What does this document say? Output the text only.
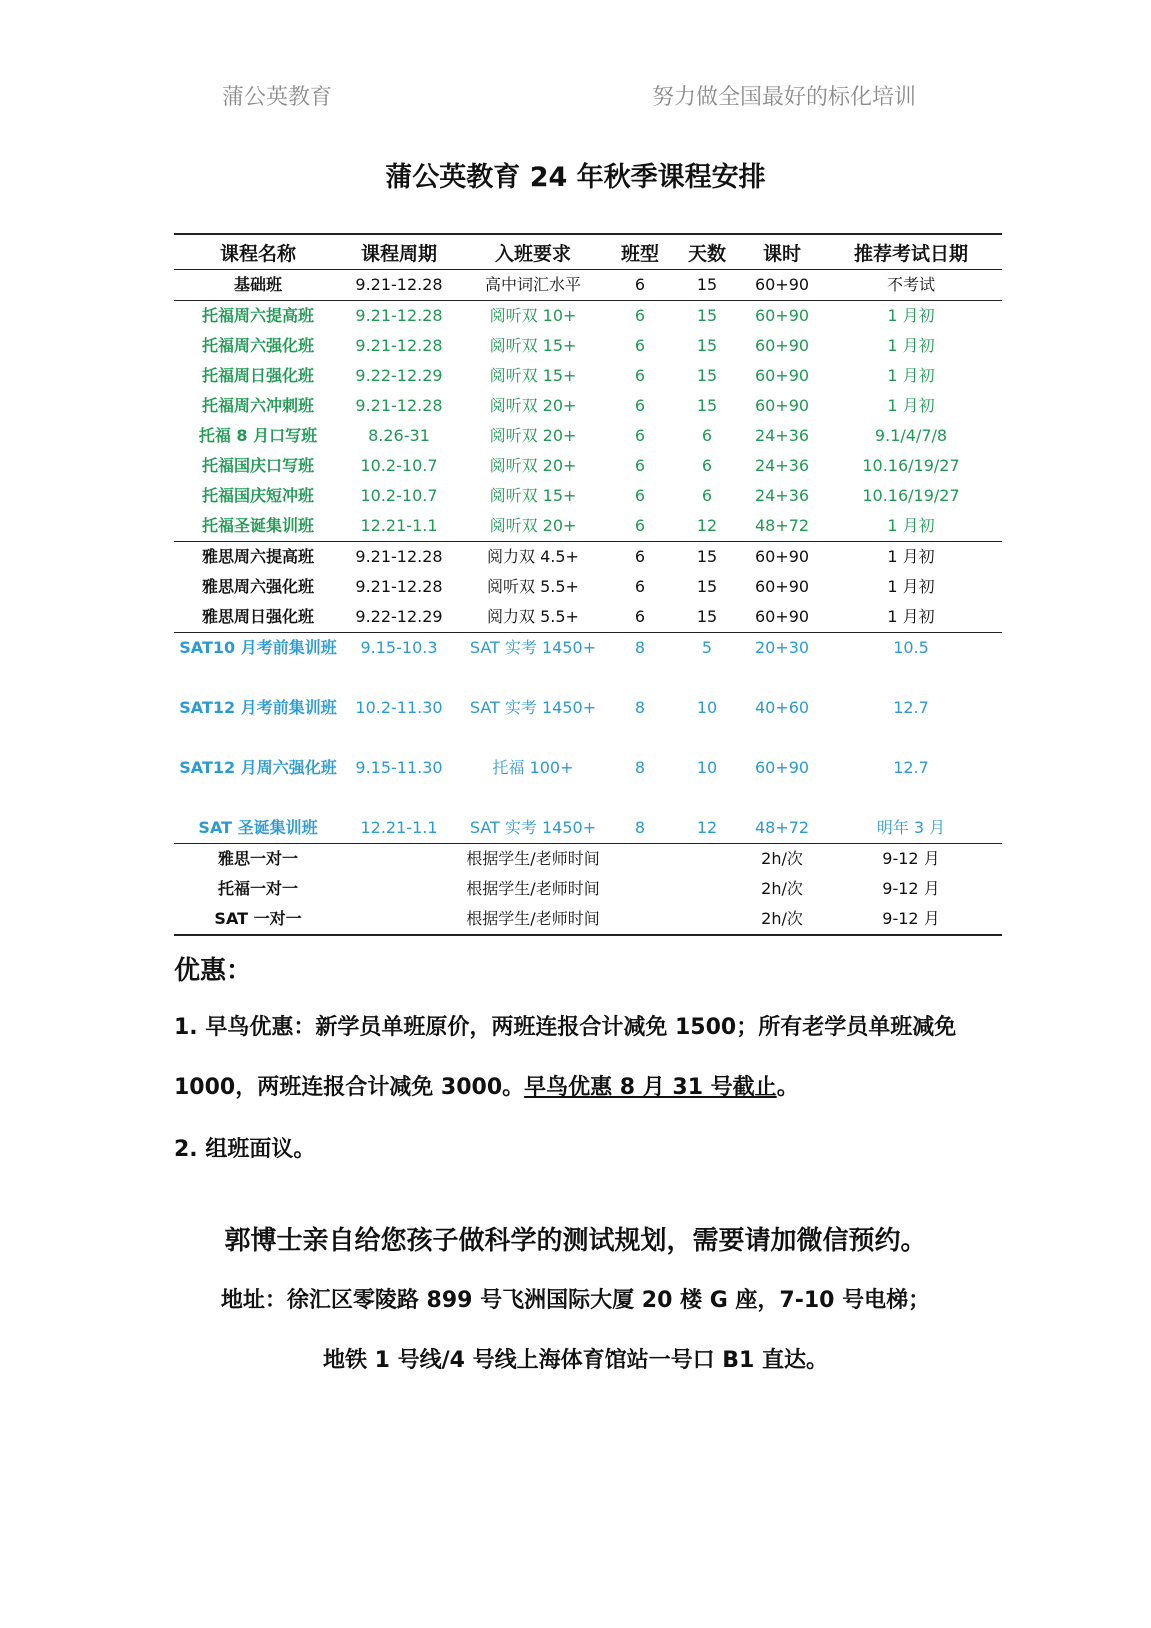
蒲公英教育	努力做全国最好的标化培训
蒲公英教育 24 年秋季课程安排
课程名称	课程周期	入班要求	班型	天数	课时	推荐考试日期
基础班	9.21-12.28	高中词汇水平	6	15	60+90	不考试
托福周六提高班	9.21-12.28	阅听双 10+	6	15	60+90	1 月初
托福周六强化班	9.21-12.28	阅听双 15+	6	15	60+90	1 月初
托福周日强化班	9.22-12.29	阅听双 15+	6	15	60+90	1 月初
托福周六冲刺班	9.21-12.28	阅听双 20+	6	15	60+90	1 月初
托福 8 月口写班	8.26-31	阅听双 20+	6	6	24+36	9.1/4/7/8
托福国庆口写班	10.2-10.7	阅听双 20+	6	6	24+36	10.16/19/27
托福国庆短冲班	10.2-10.7	阅听双 15+	6	6	24+36	10.16/19/27
托福圣诞集训班	12.21-1.1	阅听双 20+	6	12	48+72	1 月初
雅思周六提高班	9.21-12.28	阅力双 4.5+	6	15	60+90	1 月初
雅思周六强化班	9.21-12.28	阅听双 5.5+	6	15	60+90	1 月初
雅思周日强化班	9.22-12.29	阅力双 5.5+	6	15	60+90	1 月初
SAT10 月考前集训班	9.15-10.3	SAT 实考 1450+	8	5	20+30	10.5
SAT12 月考前集训班	10.2-11.30	SAT 实考 1450+	8	10	40+60	12.7
SAT12 月周六强化班	9.15-11.30	托福 100+	8	10	60+90	12.7
SAT 圣诞集训班	12.21-1.1	SAT 实考 1450+	8	12	48+72	明年 3 月
雅思一对一		根据学生/老师时间			2h/次	9-12 月
托福一对一		根据学生/老师时间			2h/次	9-12 月
SAT 一对一		根据学生/老师时间			2h/次	9-12 月
优惠：
1. 早鸟优惠：新学员单班原价，两班连报合计减免 1500；所有老学员单班减免
1000，两班连报合计减免 3000。早鸟优惠 8 月 31 号截止。
2. 组班面议。
郭博士亲自给您孩子做科学的测试规划，需要请加微信预约。
地址：徐汇区零陵路 899 号飞洲国际大厦 20 楼 G 座，7-10 号电梯；
地铁 1 号线/4 号线上海体育馆站一号口 B1 直达。
